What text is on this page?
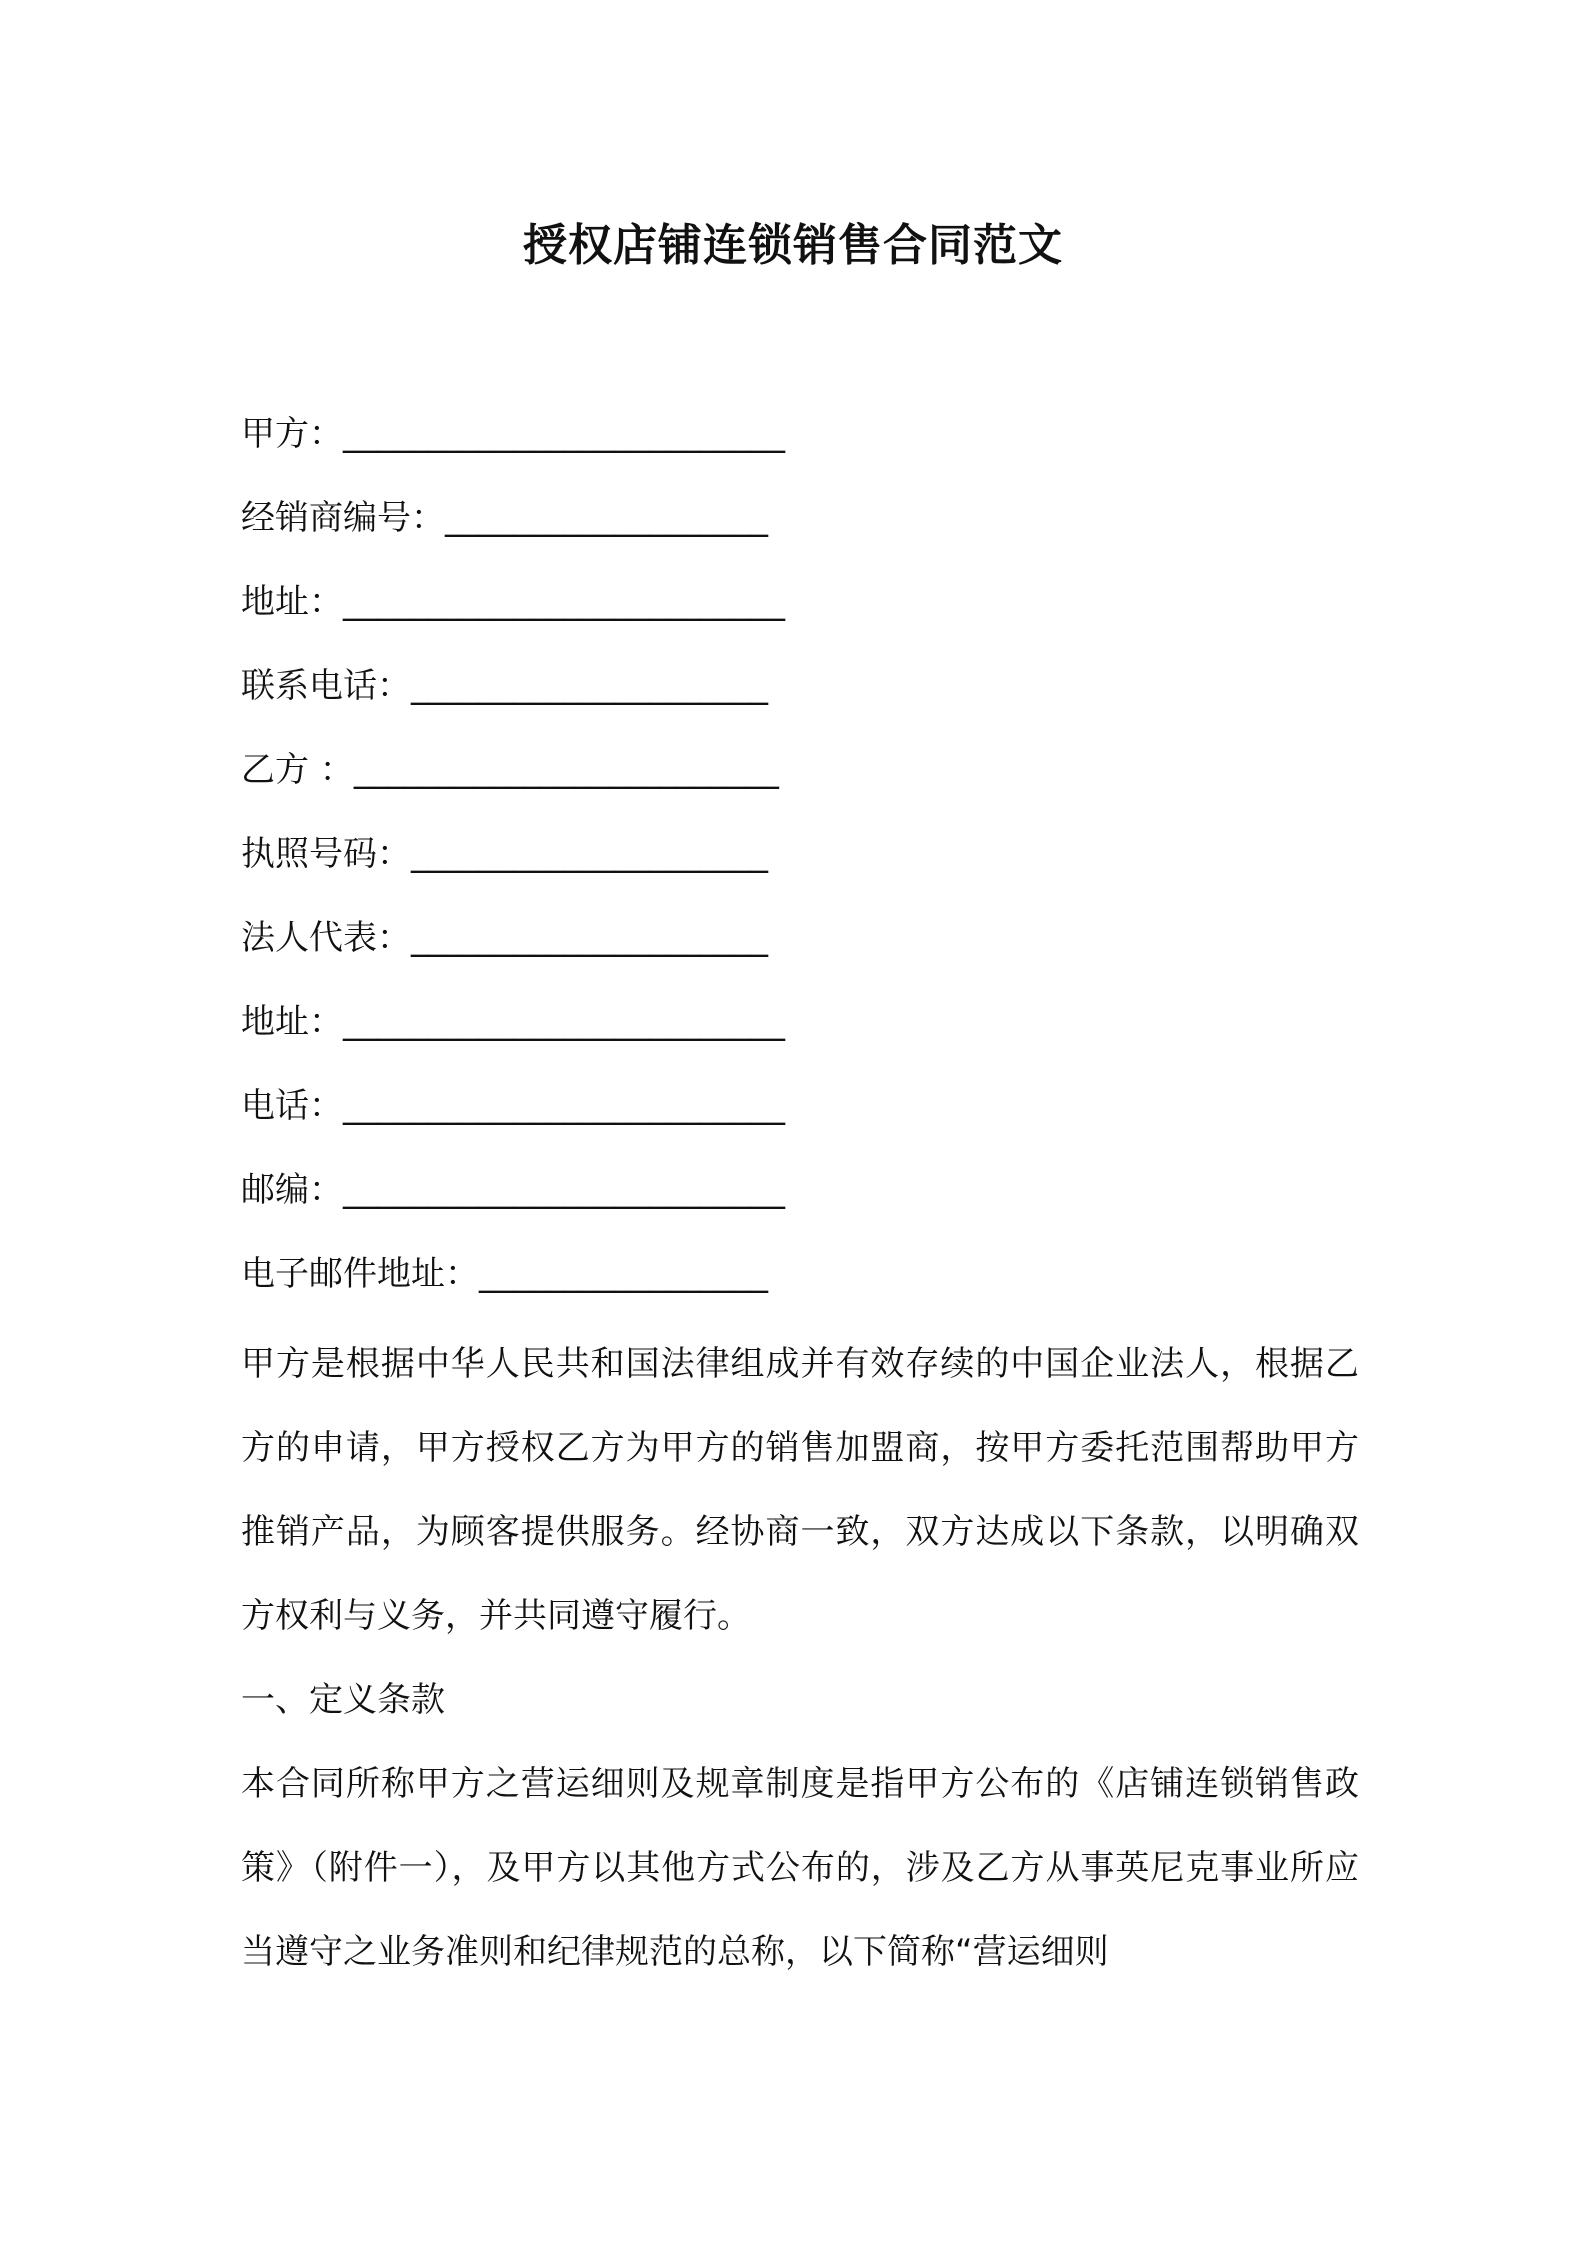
授权店铺连锁销售合同范文
甲方：__________________________
经销商编号：___________________
地址：__________________________
联系电话：_____________________
乙方 ：_________________________
执照号码：_____________________
法人代表：_____________________
地址：__________________________
电话：__________________________
邮编：__________________________
电子邮件地址：_________________

甲方是根据中华人民共和国法律组成并有效存续的中国企业法人，根据乙方的申请，甲方授权乙方为甲方的销售加盟商，按甲方委托范围帮助甲方推销产品，为顾客提供服务。经协商一致，双方达成以下条款，以明确双方权利与义务，并共同遵守履行。

一、定义条款

本合同所称甲方之营运细则及规章制度是指甲方公布的《店铺连锁销售政策》（附件一），及甲方以其他方式公布的，涉及乙方从事英尼克事业所应当遵守之业务准则和纪律规范的总称，以下简称“营运细则
